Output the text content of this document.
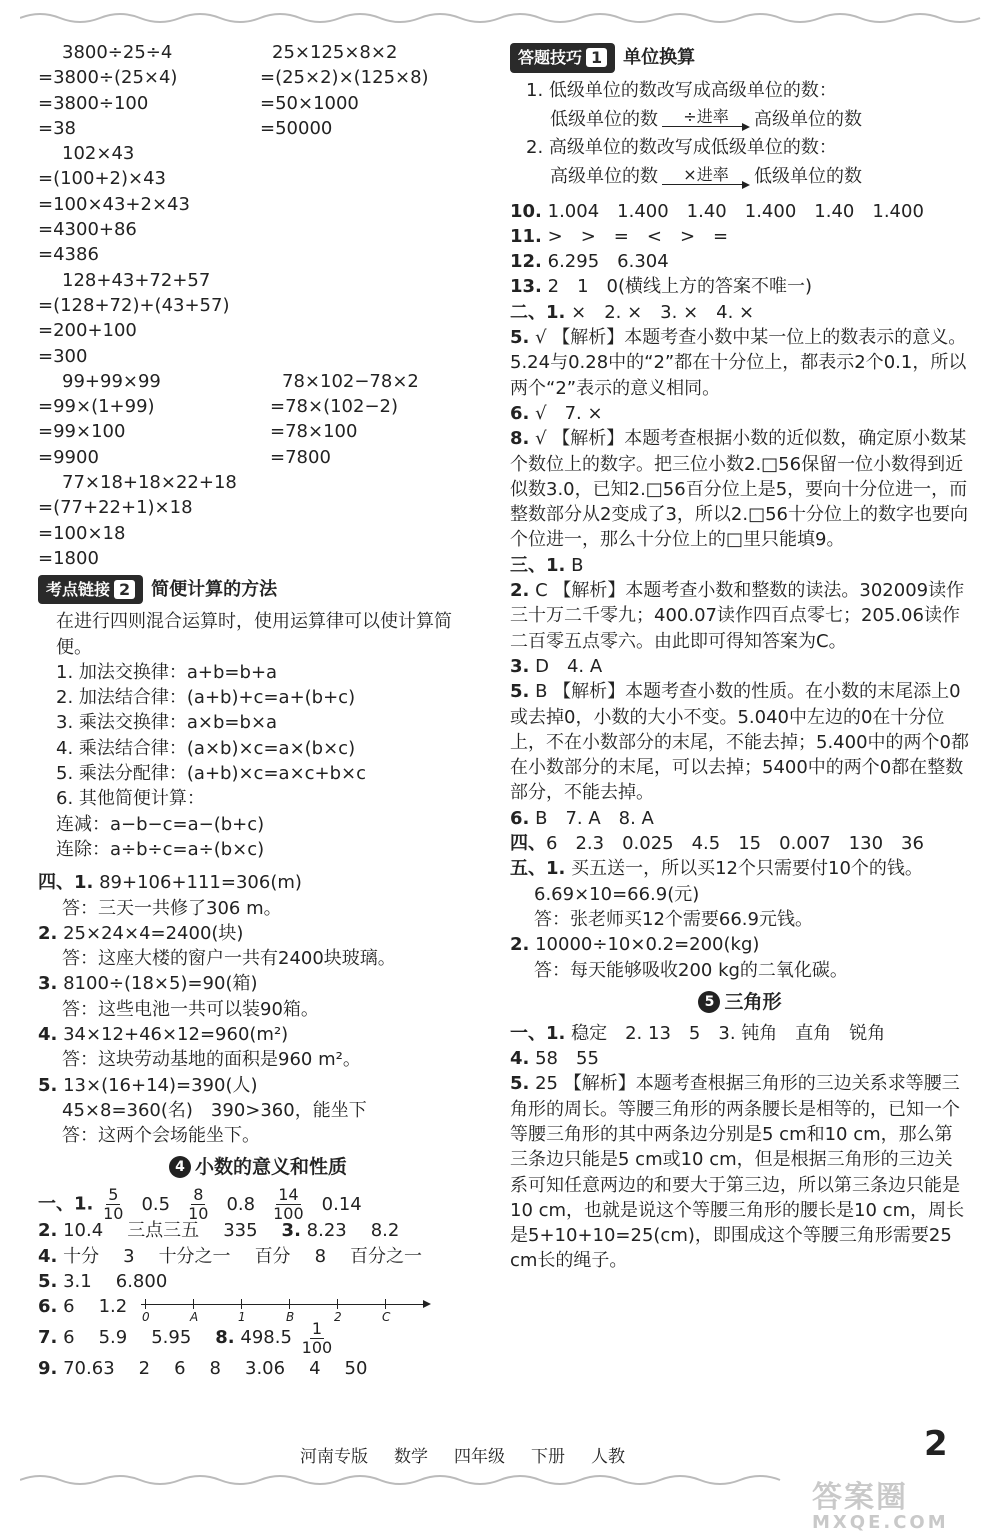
3800÷25÷4	25×125×8×2
=3800÷(25×4)	=(25×2)×(125×8)
=3800÷100	=50×1000
=38	=50000
102×43
=(100+2)×43
=100×43+2×43
=4300+86
=4386
128+43+72+57
=(128+72)+(43+57)
=200+100
=300
99+99×99	78×102−78×2
=99×(1+99)	=78×(102−2)
=99×100	=78×100
=9900	=7800
77×18+18×22+18
=(77+22+1)×18
=100×18
=1800
考点链接 2	简便计算的方法
在进行四则混合运算时，使用运算律可以使计算简便。
1. 加法交换律：a+b=b+a
2. 加法结合律：(a+b)+c=a+(b+c)
3. 乘法交换律：a×b=b×a
4. 乘法结合律：(a×b)×c=a×(b×c)
5. 乘法分配律：(a+b)×c=a×c+b×c
6. 其他简便计算：
连减：a−b−c=a−(b+c)
连除：a÷b÷c=a÷(b×c)
四、1. 89+106+111=306(m)
答：三天一共修了306 m。
2. 25×24×4=2400(块)
答：这座大楼的窗户一共有2400块玻璃。
3. 8100÷(18×5)=90(箱)
答：这些电池一共可以装90箱。
4. 34×12+46×12=960(m²)
答：这块劳动基地的面积是960 m²。
5. 13×(16+14)=390(人)
45×8=360(名)　390>360，能坐下
答：这两个会场能坐下。
4 小数的意义和性质
一、1. $\frac{5}{10} 0.5 \frac{8}{10} 0.8 \frac{14}{100} 0.14$
2. 10.4 三点三五 335 3. 8.23 8.2
4. 十分 3 十分之一 百分 8 百分之一
5. 3.1 6.800
6. 6 1.2 0	A	1	B	2	C
7. 6 5.9 5.95 8. $498.5 \frac{1}{100}$
9. 70.63 2 6 8 3.06 4 50
答题技巧 1	单位换算
1. 低级单位的数改写成高级单位的数：
低级单位的数	÷进率	高级单位的数
2. 高级单位的数改写成低级单位的数：
高级单位的数	×进率	低级单位的数
10. 1.004　1.400　1.40　1.400　1.40　1.400
11. >　>　=　<　>　=
12. 6.295　6.304
13. 2　1　0(横线上方的答案不唯一)
二、1. ×　2. ×　3. ×　4. ×
5. √ 【解析】本题考查小数中某一位上的数表示的意义。5.24与0.28中的“2”都在十分位上，都表示2个0.1，所以两个“2”表示的意义相同。
6. √　7. ×
8. √ 【解析】本题考查根据小数的近似数，确定原小数某个数位上的数字。把三位小数2.□56保留一位小数得到近似数3.0，已知2.□56百分位上是5，要向十分位进一，而整数部分从2变成了3，所以2.□56十分位上的数字也要向个位进一，那么十分位上的□里只能填9。
三、1. B
2. C 【解析】本题考查小数和整数的读法。302009读作三十万二千零九；400.07读作四百点零七；205.06读作二百零五点零六。由此即可得知答案为C。
3. D　4. A
5. B 【解析】本题考查小数的性质。在小数的末尾添上0或去掉0，小数的大小不变。5.040中左边的0在十分位上，不在小数部分的末尾，不能去掉；5.400中的两个0都在小数部分的末尾，可以去掉；5400中的两个0都在整数部分，不能去掉。
6. B　7. A　8. A
四、6　2.3　0.025　4.5　15　0.007　130　36
五、1. 买五送一，所以买12个只需要付10个的钱。
6.69×10=66.9(元)
答：张老师买12个需要66.9元钱。
2. 10000÷10×0.2=200(kg)
答：每天能够吸收200 kg的二氧化碳。
5 三角形
一、1. 稳定　2. 13　5　3. 钝角　直角　锐角
4. 58　55
5. 25 【解析】本题考查根据三角形的三边关系求等腰三角形的周长。等腰三角形的两条腰长是相等的，已知一个等腰三角形的其中两条边分别是5 cm和10 cm，那么第三条边只能是5 cm或10 cm，但是根据三角形的三边关系可知任意两边的和要大于第三边，所以第三条边只能是10 cm，也就是说这个等腰三角形的腰长是10 cm，周长是5+10+10=25(cm)，即围成这个等腰三角形需要25 cm长的绳子。
河南专版 数学 四年级 下册 人教	2
答案圈
MXQE.COM
